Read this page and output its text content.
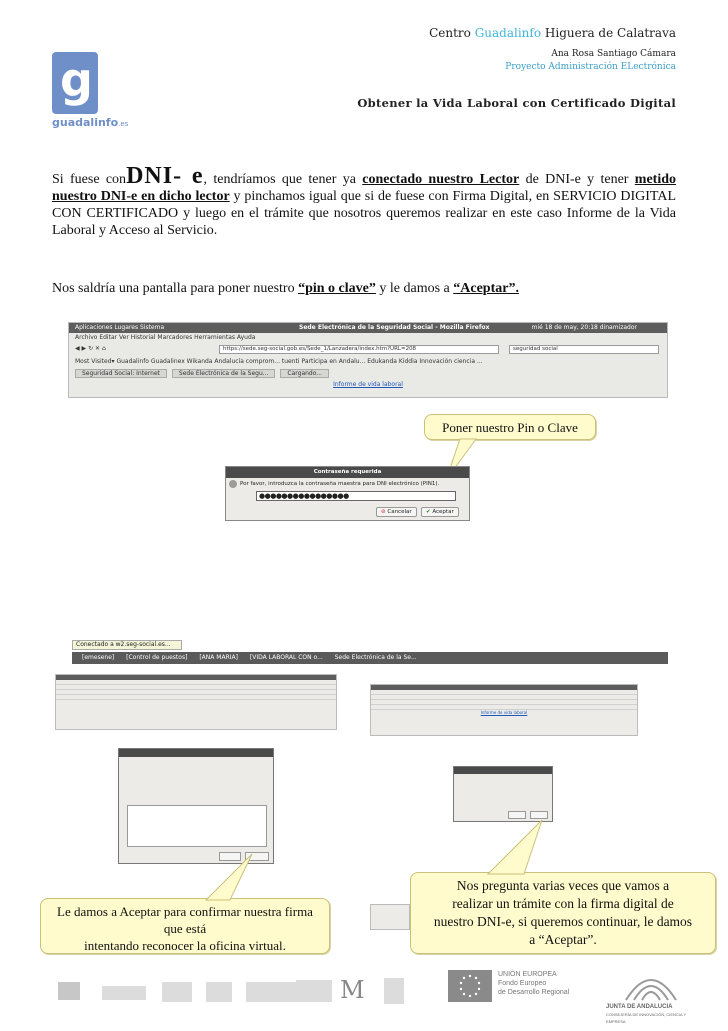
g
guadalinfo.es
Centro Guadalinfo Higuera de Calatrava
Ana Rosa Santiago Cámara
Proyecto Administración ELectrónica
Obtener la Vida Laboral con Certificado Digital
Si fuese conDNI- e, tendríamos que tener ya conectado nuestro Lector de DNI-e y tener metido nuestro DNI-e en dicho lector y pinchamos igual que si de fuese con Firma Digital, en SERVICIO DIGITAL CON CERTIFICADO y luego en el trámite que nosotros queremos realizar en este caso Informe de la Vida Laboral y Acceso al Servicio.
Nos saldría una pantalla para poner nuestro “pin o clave” y le damos a “Aceptar”.
Aplicaciones Lugares Sistema	Sede Electrónica de la Seguridad Social - Mozilla Firefox	mié 18 de may, 20:18 dinamizador
Archivo Editar Ver Historial Marcadores Herramientas Ayuda
◀ ▶ ↻ ✕ ⌂	https://sede.seg-social.gob.es/Sede_1/Lanzadera/index.htm?URL=208	seguridad social
Most Visited▾ Guadalinfo Guadalinex Wikanda Andalucía comprom... tuenti Participa en Andalu... Edukanda Kiddia Innovación ciencia ...
Seguridad Social: Internet	Sede Electrónica de la Segu...	Cargando...
Informe de vida laboral
Poner nuestro Pin o Clave
Contraseña requerida
Por favor, introduzca la contraseña maestra para DNI electrónico (PIN1).
●●●●●●●●●●●●●●●●
⊘ Cancelar	✔ Aceptar
Conectado a w2.seg-social.es...
[emesene] [Control de puestos] [ANA MARIA] [VIDA LABORAL CON o... Sede Electrónica de la Se...
Informe de vida laboral
Le damos a Aceptar para confirmar nuestra firma
que está
intentando reconocer la oficina virtual.
Nos pregunta varias veces que vamos a
realizar un trámite con la firma digital de
nuestro DNI-e, si queremos continuar, le damos
a “Aceptar”.
M
UNIÓN EUROPEA
Fondo Europeo
de Desarrollo Regional
JUNTA DE ANDALUCIA
CONSEJERÍA DE INNOVACIÓN, CIENCIA Y EMPRESA
